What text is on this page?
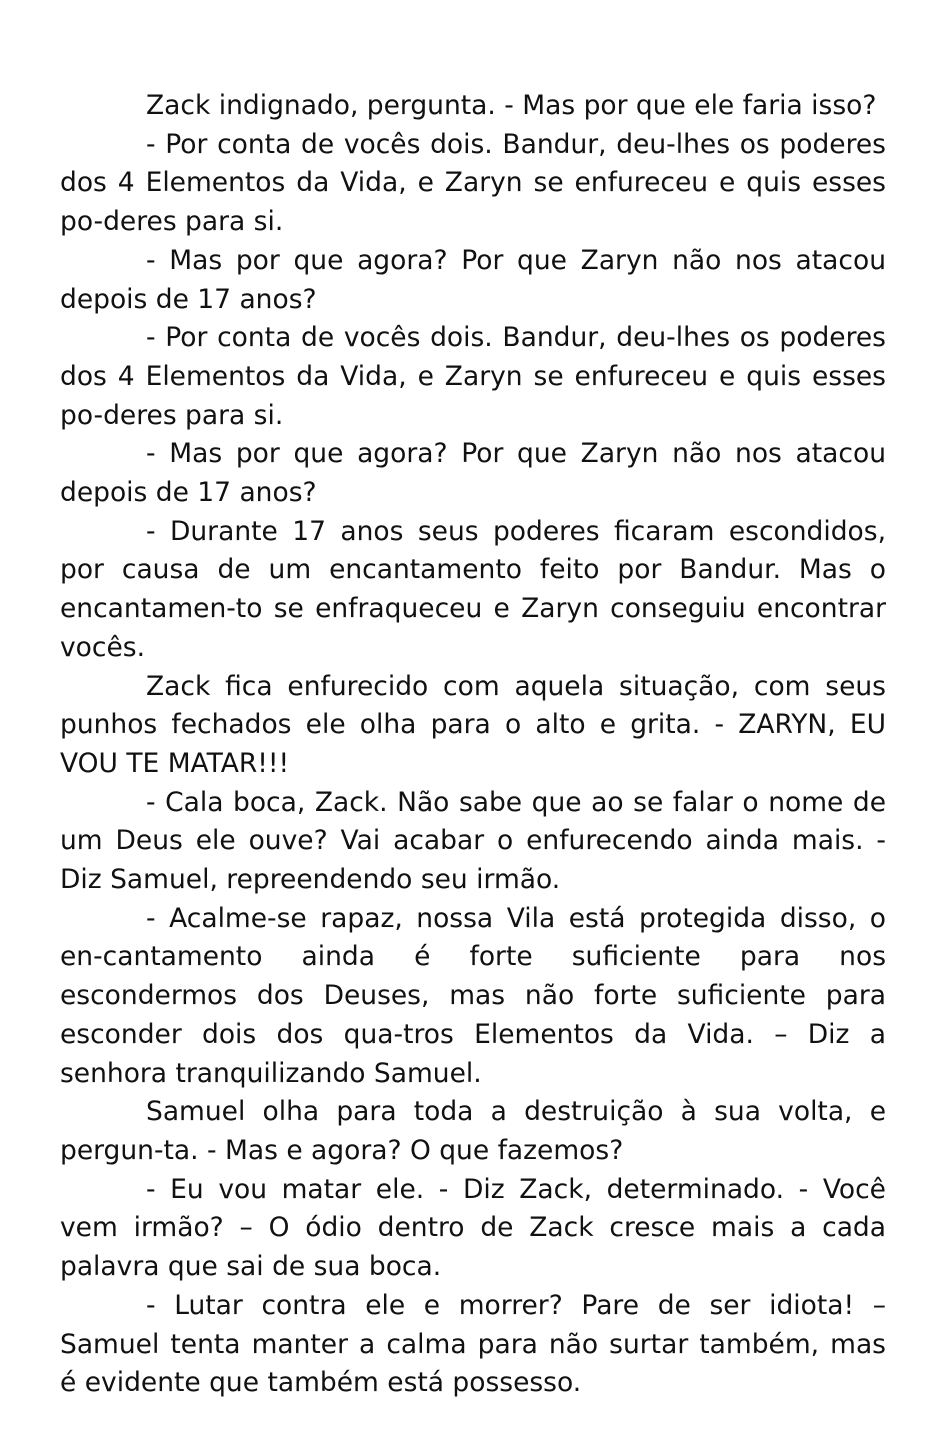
Zack indignado, pergunta. - Mas por que ele faria isso?

- Por conta de vocês dois. Bandur, deu-lhes os poderes dos 4 Elementos da Vida, e Zaryn se enfureceu e quis esses po-deres para si.

- Mas por que agora? Por que Zaryn não nos atacou depois de 17 anos?

- Por conta de vocês dois. Bandur, deu-lhes os poderes dos 4 Elementos da Vida, e Zaryn se enfureceu e quis esses po-deres para si.

- Mas por que agora? Por que Zaryn não nos atacou depois de 17 anos?

- Durante 17 anos seus poderes ficaram escondidos, por causa de um encantamento feito por Bandur. Mas o encantamen-to se enfraqueceu e Zaryn conseguiu encontrar vocês.

Zack fica enfurecido com aquela situação, com seus punhos fechados ele olha para o alto e grita. - ZARYN, EU VOU TE MATAR!!!

- Cala boca, Zack. Não sabe que ao se falar o nome de um Deus ele ouve? Vai acabar o enfurecendo ainda mais. - Diz Samuel, repreendendo seu irmão.

- Acalme-se rapaz, nossa Vila está protegida disso, o en-cantamento ainda é forte suficiente para nos escondermos dos Deuses, mas não forte suficiente para esconder dois dos qua-tros Elementos da Vida. – Diz a senhora tranquilizando Samuel.

Samuel olha para toda a destruição à sua volta, e pergun-ta. - Mas e agora? O que fazemos?

- Eu vou matar ele. - Diz Zack, determinado. - Você vem irmão? – O ódio dentro de Zack cresce mais a cada palavra que sai de sua boca.

- Lutar contra ele e morrer? Pare de ser idiota! – Samuel tenta manter a calma para não surtar também, mas é evidente que também está possesso.
